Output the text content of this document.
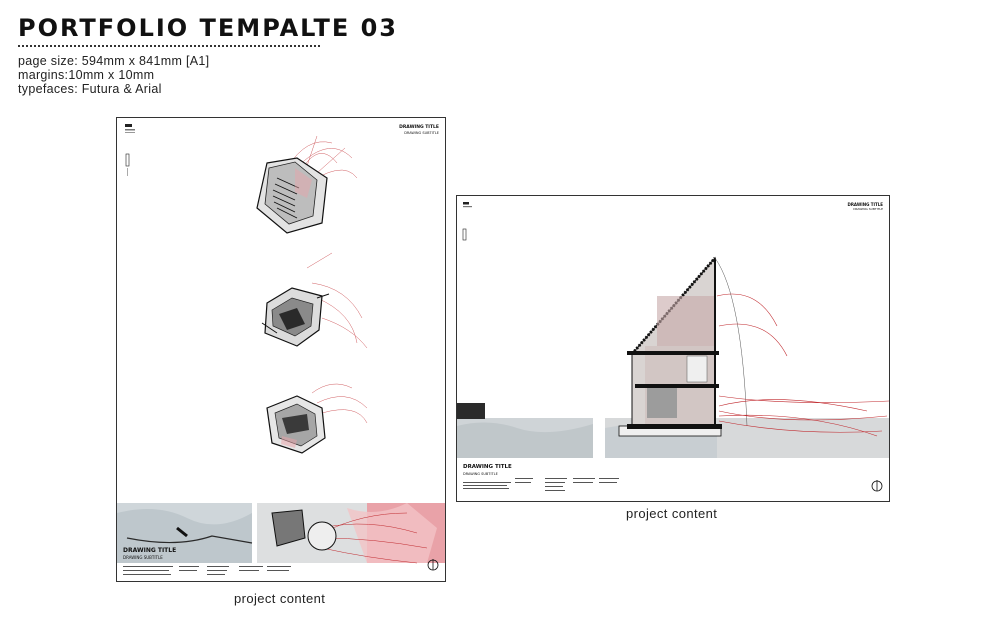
PORTFOLIO TEMPALTE 03
page size: 594mm x 841mm [A1]
margins:10mm x 10mm
typefaces: Futura & Arial
DRAWING TITLE
DRAWING SUBTITLE
DRAWING TITLE
DRAWING SUBTITLE
project content
DRAWING TITLE
DRAWING SUBTITLE
DRAWING TITLE
DRAWING SUBTITLE
project content
